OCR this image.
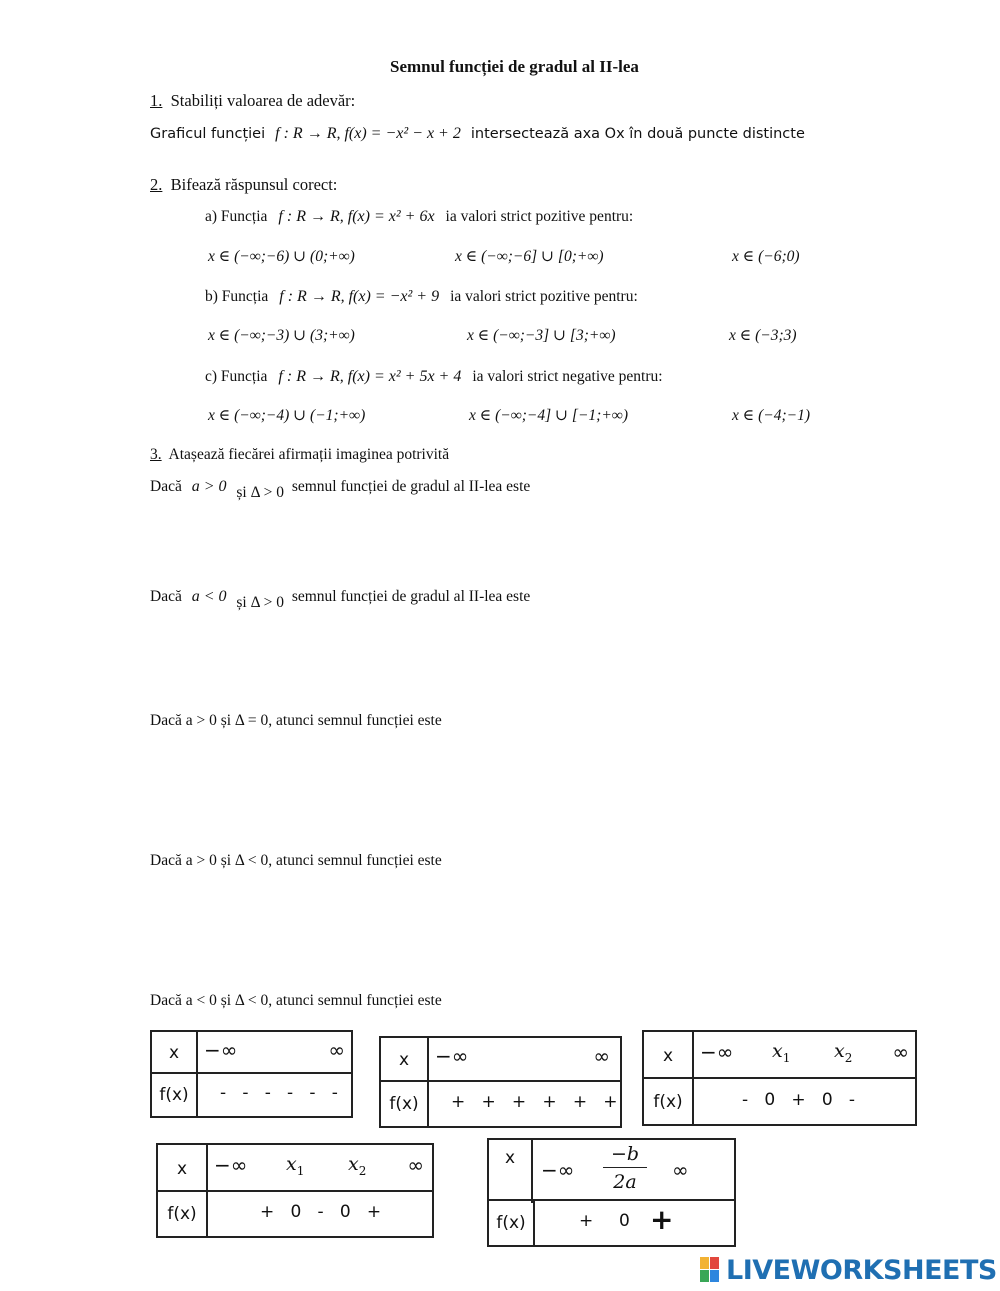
Semnul funcției de gradul al II-lea
1. Stabiliți valoarea de adevăr:
Graficul funcției f : R → R, f(x) = −x² − x + 2 intersectează axa Ox în două puncte distincte
2. Bifează răspunsul corect:
a) Funcția f : R → R, f(x) = x² + 6x ia valori strict pozitive pentru:
x ∈ (−∞;−6) ∪ (0;+∞)	x ∈ (−∞;−6] ∪ [0;+∞)	x ∈ (−6;0)
b) Funcția f : R → R, f(x) = −x² + 9 ia valori strict pozitive pentru:
x ∈ (−∞;−3) ∪ (3;+∞)	x ∈ (−∞;−3] ∪ [3;+∞)	x ∈ (−3;3)
c) Funcția f : R → R, f(x) = x² + 5x + 4 ia valori strict negative pentru:
x ∈ (−∞;−4) ∪ (−1;+∞)	x ∈ (−∞;−4] ∪ [−1;+∞)	x ∈ (−4;−1)
3. Atașează fiecărei afirmații imaginea potrivită
Dacă a > 0 și Δ > 0 semnul funcției de gradul al II-lea este
Dacă a < 0 și Δ > 0 semnul funcției de gradul al II-lea este
Dacă a > 0 și Δ = 0, atunci semnul funcției este
Dacă a > 0 și Δ < 0, atunci semnul funcției este
Dacă a < 0 și Δ < 0, atunci semnul funcției este
x	−∞	∞
f(x)	-   -   -   -   -   -
x	−∞	∞
f(x)	+   +   +   +   +   +
x	−∞ $x_1$ $x_2$ ∞
f(x)	-   0   +   0   -
x	−∞ $x_1$ $x_2$ ∞
f(x)	+   0   -   0   +
x	−∞ $\frac{-b}{2a}$ ∞
f(x)	+ 0 +
LIVEWORKSHEETS
